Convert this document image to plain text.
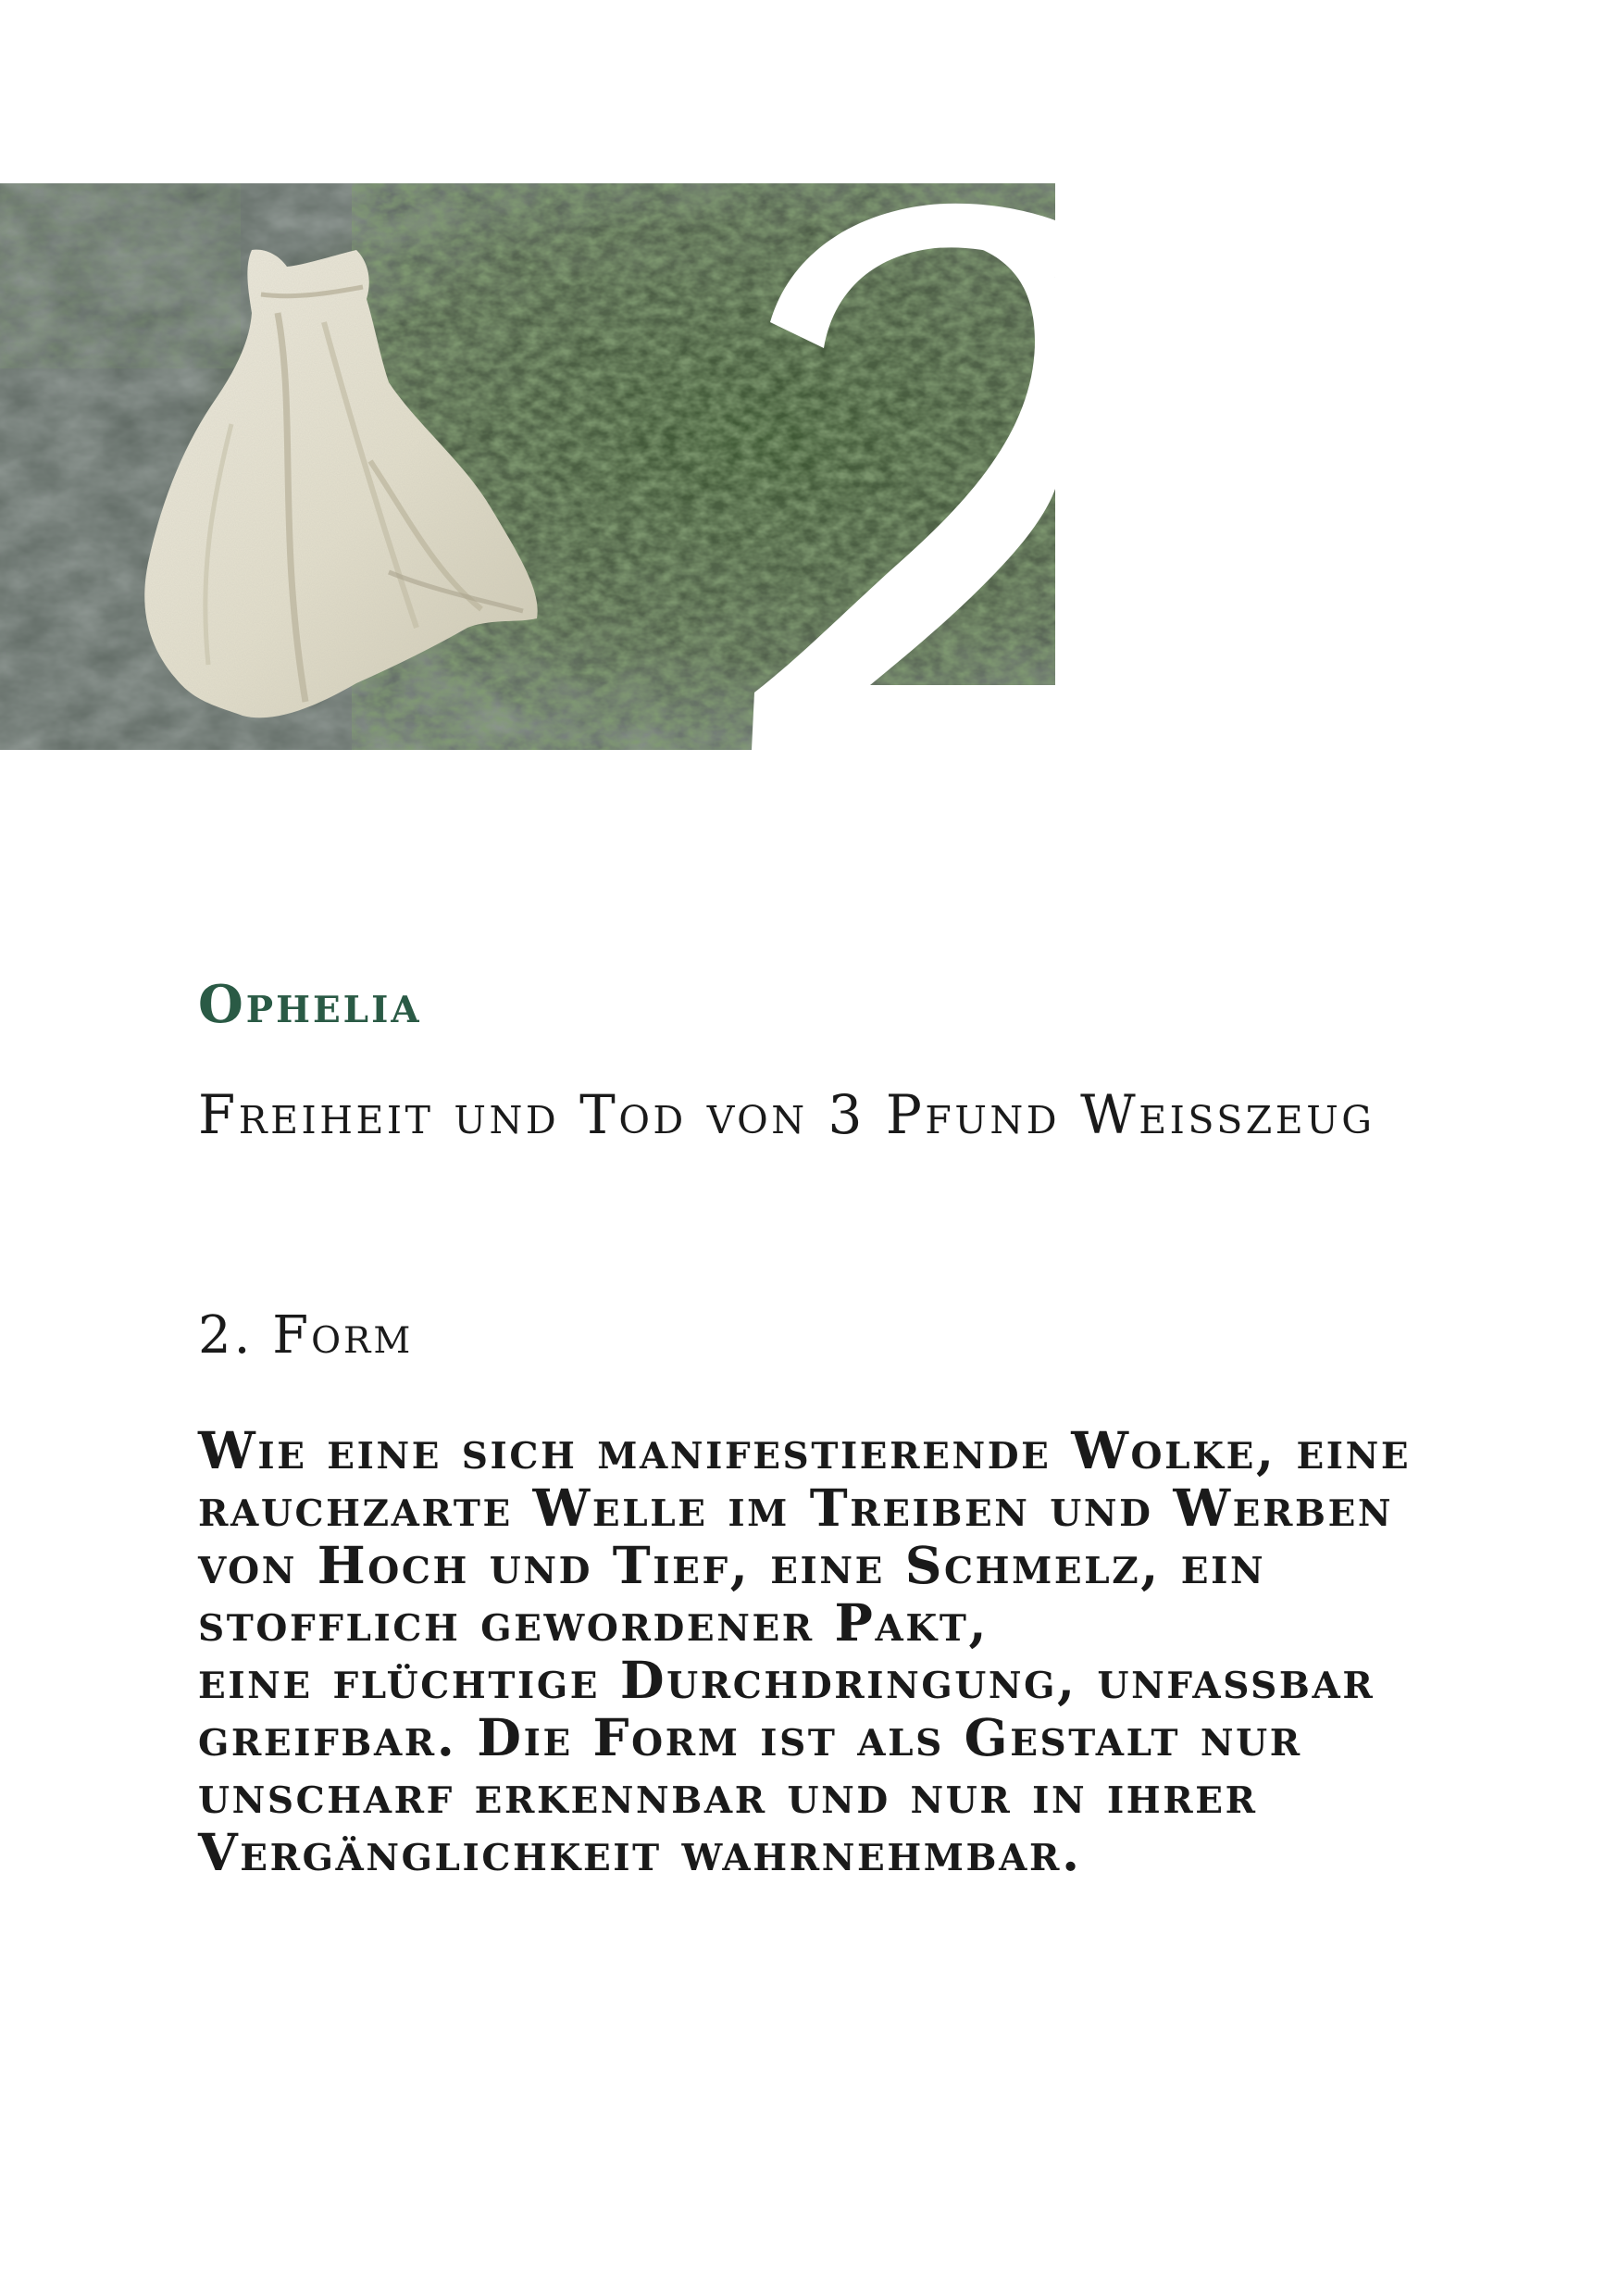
Ophelia
Freiheit und Tod von 3 Pfund Weisszeug
2. Form

Wie eine sich manifestierende Wolke, eine
rauchzarte Welle im Treiben und Werben
von Hoch und Tief, eine Schmelz, ein
stofflich gewordener Pakt,
eine flüchtige Durchdringung, unfassbar
greifbar. Die Form ist als Gestalt nur
unscharf erkennbar und nur in ihrer
Vergänglichkeit wahrnehmbar.
